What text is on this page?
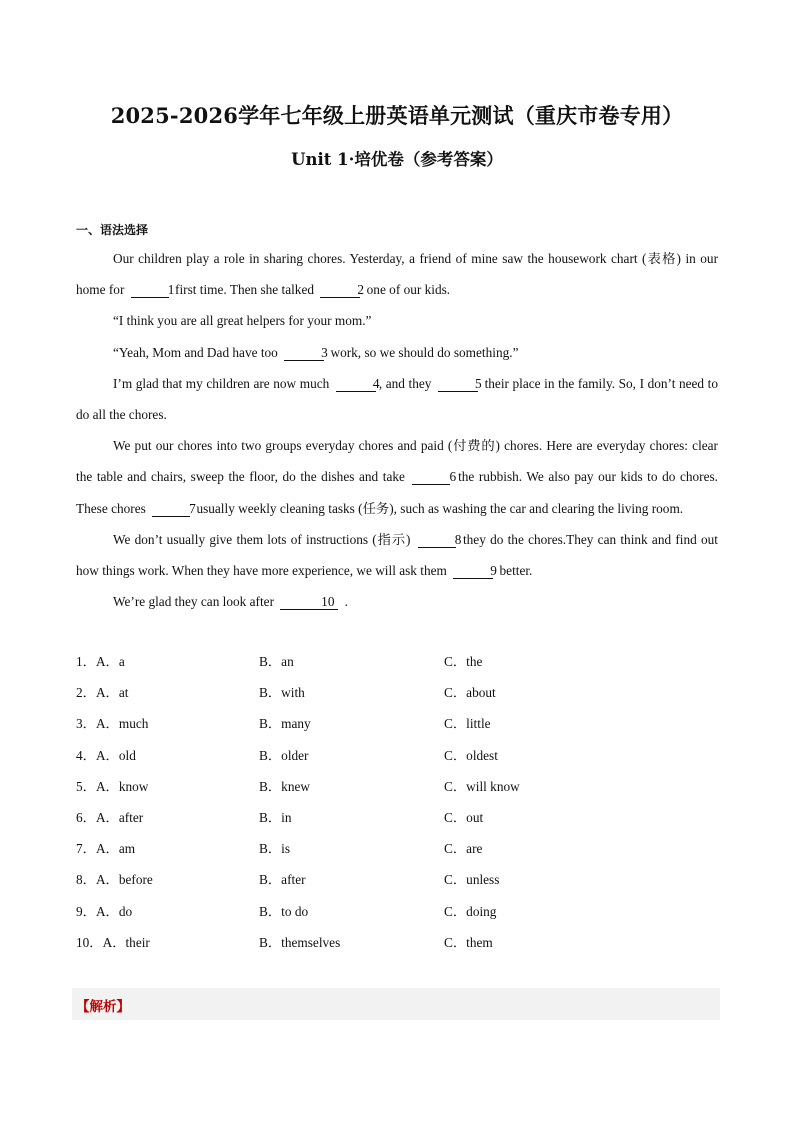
2025-2026学年七年级上册英语单元测试（重庆市卷专用）
Unit 1·培优卷（参考答案）
一、语法选择

Our children play a role in sharing chores. Yesterday, a friend of mine saw the housework chart (表格) in our home for	1 first time. Then she talked	2 one of our kids.

“I think you are all great helpers for your mom.”

“Yeah, Mom and Dad have too	3 work, so we should do something.”

I’m glad that my children are now much	4, and they	5 their place in the family. So, I don’t need to do all the chores.

We put our chores into two groups everyday chores and paid (付费的) chores. Here are everyday chores: clear the table and chairs, sweep the floor, do the dishes and take	6 the rubbish. We also pay our kids to do chores. These chores	7 usually weekly cleaning tasks (任务), such as washing the car and clearing the living room.

We don’t usually give them lots of instructions (指示)	8 they do the chores.They can think and find out how things work. When they have more experience, we will ask them	9 better.

We’re glad they can look after	10 .

1．A．a	B．an	C．the
2．A．at	B．with	C．about
3．A．much	B．many	C．little
4．A．old	B．older	C．oldest
5．A．know	B．knew	C．will know
6．A．after	B．in	C．out
7．A．am	B．is	C．are
8．A．before	B．after	C．unless
9．A．do	B．to do	C．doing
10．A．their	B．themselves	C．them
【解析】
